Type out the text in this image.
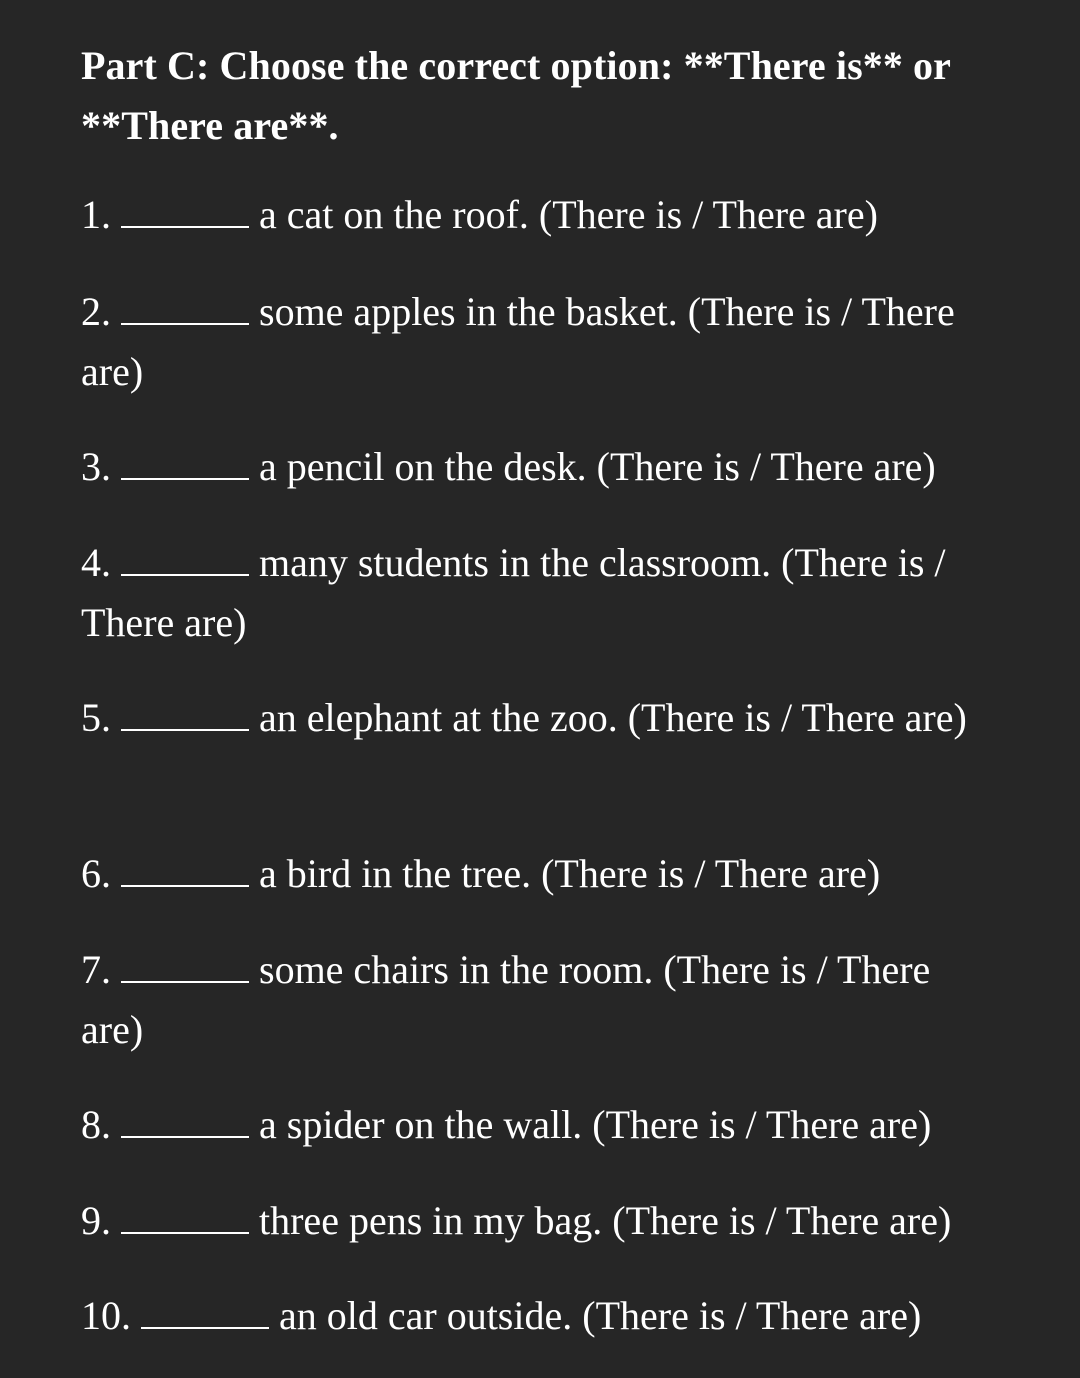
Part C: Choose the correct option: **There is** or **There are**.
1.	a cat on the roof. (There is / There are)
2.	some apples in the basket. (There is / There are)
3.	a pencil on the desk. (There is / There are)
4.	many students in the classroom. (There is / There are)
5.	an elephant at the zoo. (There is / There are)
6.	a bird in the tree. (There is / There are)
7.	some chairs in the room. (There is / There are)
8.	a spider on the wall. (There is / There are)
9.	three pens in my bag. (There is / There are)
10.	an old car outside. (There is / There are)
